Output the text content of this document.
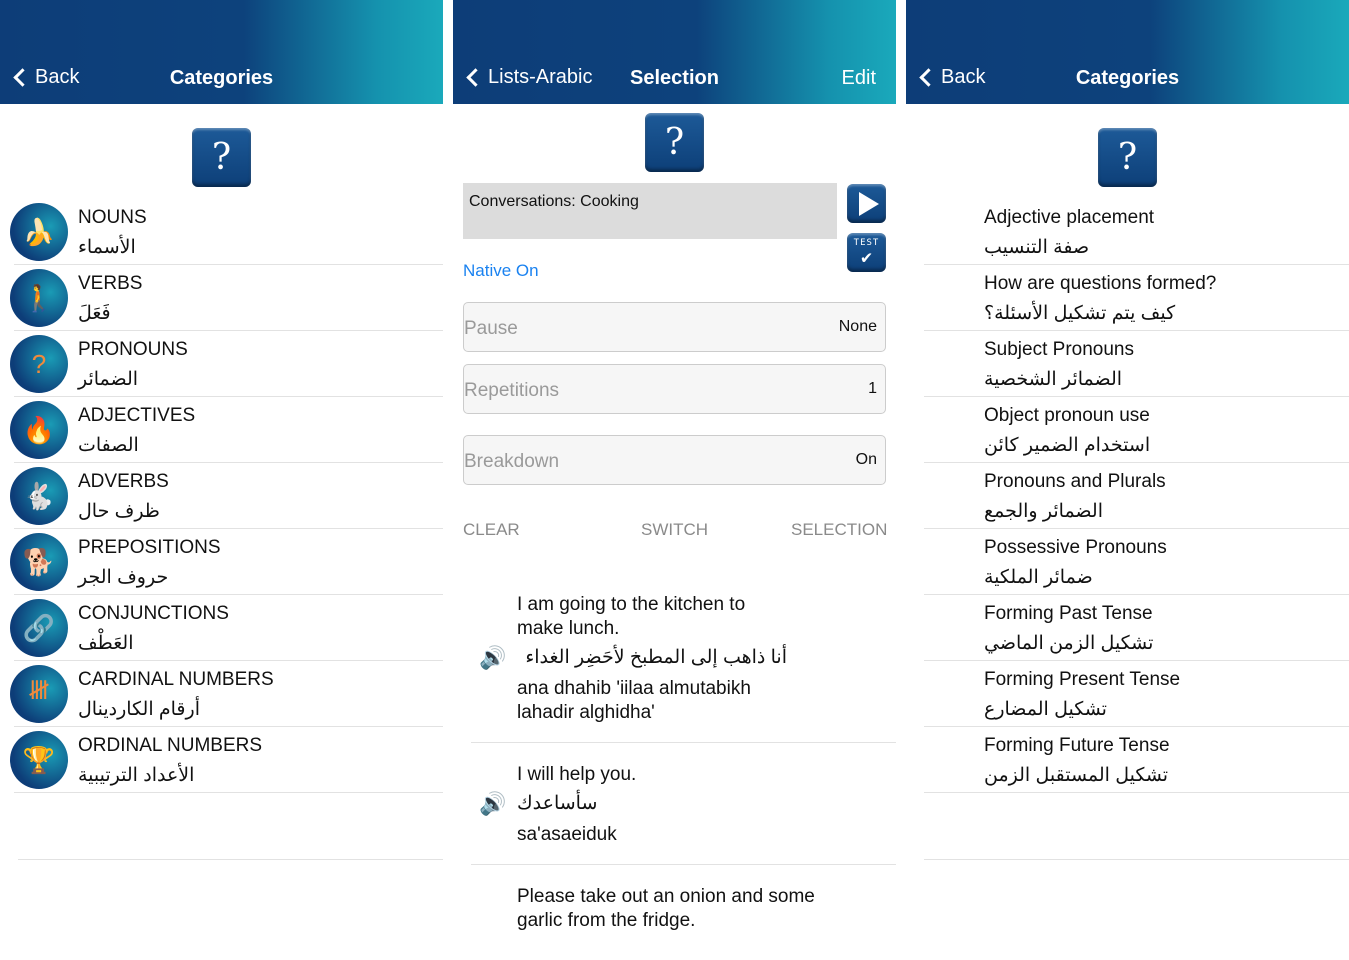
Back	Categories
?
🍌	NOUNS
الأسماء
🚶	VERBS
فَعَلَ
?	PRONOUNS
الضمائر
🔥	ADJECTIVES
الصفات
🐇	ADVERBS
ظرف حال
🐕	PREPOSITIONS
حروف الجر
🔗	CONJUNCTIONS
العَطْف
𝍸	CARDINAL NUMBERS
أرقام الكاردينال
🏆	ORDINAL NUMBERS
الأعداد الترتيبية
Lists-Arabic	Selection	Edit
?
Conversations: Cooking
TEST
✔
Native On
Pause	None
Repetitions	1
Breakdown	On
CLEAR	SWITCH	SELECTION
I am going to the kitchen to make lunch.
🔊 أنا ذاهب إلى المطبخ لأحَضِر الغداء
ana dhahib 'iilaa almutabikh lahadir alghidha'
I will help you.
🔊 سأساعدك
sa'asaeiduk
Please take out an onion and some garlic from the fridge.
Back	Categories
?
Adjective placement
صفة التنسيب
How are questions formed?
كيف يتم تشكيل الأسئلة؟
Subject Pronouns
الضمائر الشخصية
Object pronoun use
استخدام الضمير كائن
Pronouns and Plurals
الضمائر والجمع
Possessive Pronouns
ضمائر الملكية
Forming Past Tense
تشكيل الزمن الماضي
Forming Present Tense
تشكيل المضارع
Forming Future Tense
تشكيل المستقبل الزمن
